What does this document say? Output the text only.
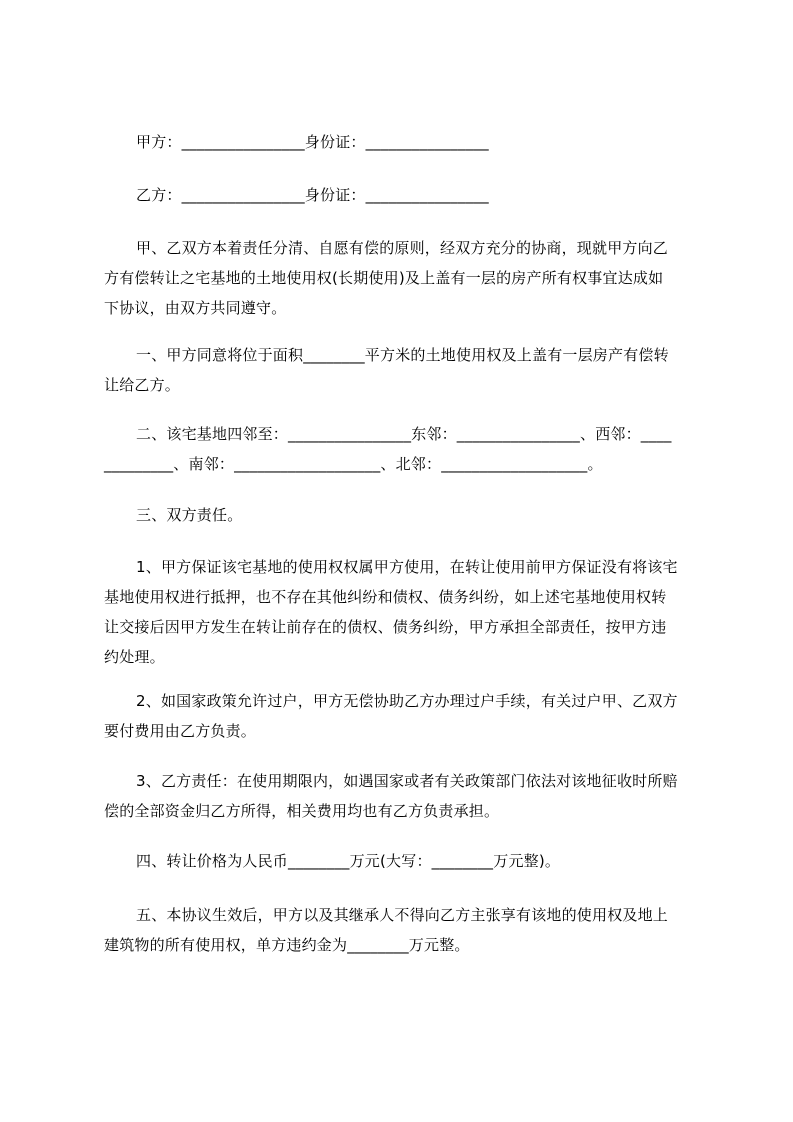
甲方：________________身份证：________________
乙方：________________身份证：________________
甲、乙双方本着责任分清、自愿有偿的原则，经双方充分的协商，现就甲方向乙
方有偿转让之宅基地的土地使用权(长期使用)及上盖有一层的房产所有权事宜达成如
下协议，由双方共同遵守。
一、甲方同意将位于面积________平方米的土地使用权及上盖有一层房产有偿转
让给乙方。
二、该宅基地四邻至：________________东邻：________________、西邻：____
_________、南邻：___________________、北邻：___________________。
三、双方责任。
1、甲方保证该宅基地的使用权权属甲方使用，在转让使用前甲方保证没有将该宅
基地使用权进行抵押，也不存在其他纠纷和债权、债务纠纷，如上述宅基地使用权转
让交接后因甲方发生在转让前存在的债权、债务纠纷，甲方承担全部责任，按甲方违
约处理。
2、如国家政策允许过户，甲方无偿协助乙方办理过户手续，有关过户甲、乙双方
要付费用由乙方负责。
3、乙方责任：在使用期限内，如遇国家或者有关政策部门依法对该地征收时所赔
偿的全部资金归乙方所得，相关费用均也有乙方负责承担。
四、转让价格为人民币________万元(大写：________万元整)。
五、本协议生效后，甲方以及其继承人不得向乙方主张享有该地的使用权及地上
建筑物的所有使用权，单方违约金为________万元整。
